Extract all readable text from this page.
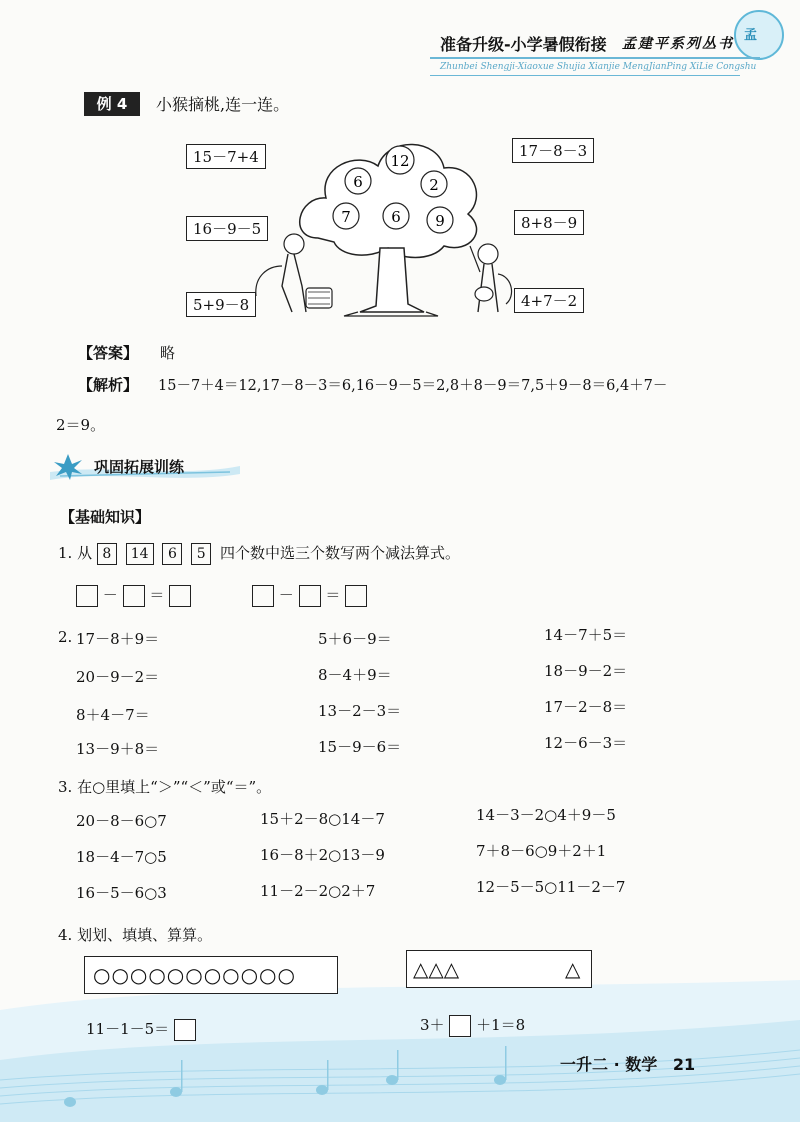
孟
准备升级-小学暑假衔接 孟建平系列丛书
Zhunbei Shengji-Xiaoxue Shujia Xianjie MengJianPing XiLie Congshu
例 4	小猴摘桃,连一连。
15－7+4
16－9－5
5+9－8
17－8－3
8+8－9
4+7－2
12
6	2
7	6 9
【答案】 略
【解析】 15－7＋4＝12,17－8－3＝6,16－9－5＝2,8＋8－9＝7,5＋9－8＝6,4＋7－
2＝9。
巩固拓展训练
【基础知识】
1. 从 8 14 6 5 四个数中选三个数写两个减法算式。
－ ＝	－ ＝
2. 17－8＋9＝	5＋6－9＝	14－7＋5＝
20－9－2＝	8－4＋9＝	18－9－2＝
8＋4－7＝	13－2－3＝	17－2－8＝
13－9＋8＝	15－9－6＝	12－6－3＝
3. 在○里填上“＞”“＜”或“＝”。
20－8－6○7	15＋2－8○14－7	14－3－2○4＋9－5
18－4－7○5	16－8＋2○13－9	7＋8－6○9＋2＋1
16－5－6○3	11－2－2○2＋7	12－5－5○11－2－7
4. 划划、填填、算算。
○○○○○○○○○○○	△△△	△
11－1－5＝	3＋ ＋1＝8
一升二 · 数学 21
